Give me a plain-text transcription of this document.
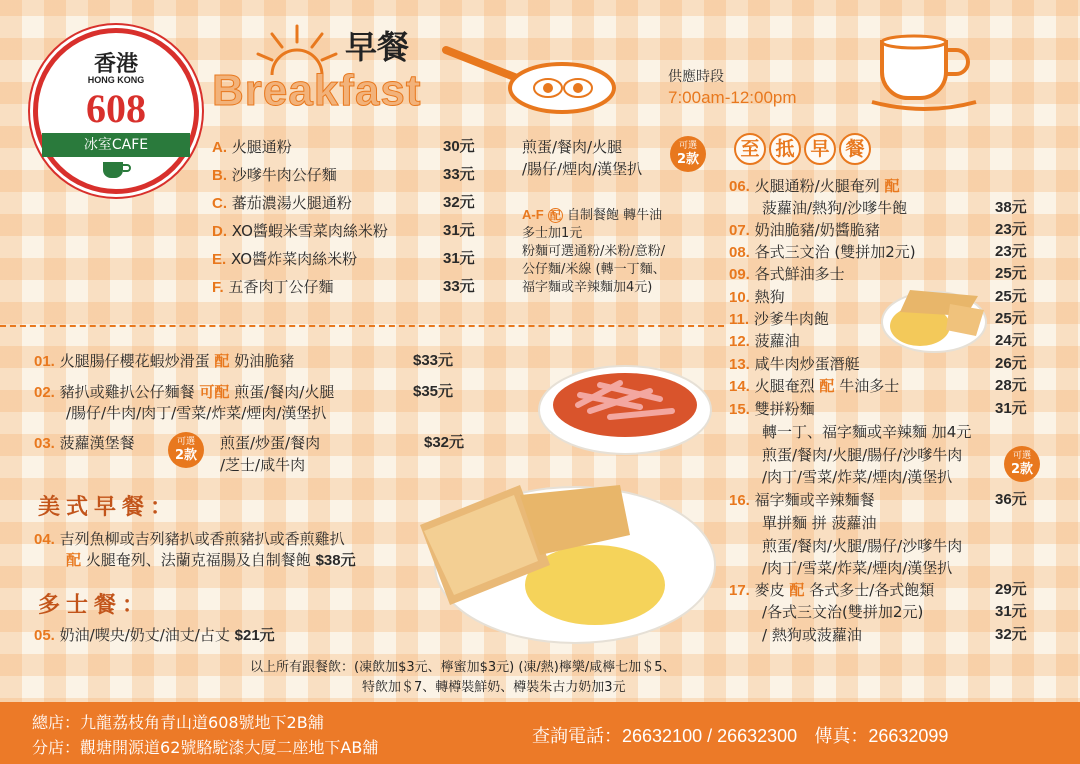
香港
HONG KONG
608
冰室CAFE
早餐
Breakfast	供應時段
7:00am-12:00pm
A. 火腿通粉	30元
B. 沙嗲牛肉公仔麵	33元
C. 蕃茄濃湯火腿通粉	32元
D. XO醬蝦米雪菜肉絲米粉	31元
E. XO醬炸菜肉絲米粉	31元
F. 五香肉丁公仔麵	33元
煎蛋/餐肉/火腿
/腸仔/煙肉/漢堡扒
可選
2款
A-F 配 自制餐飽 轉牛油
多士加1元
粉麵可選通粉/米粉/意粉/
公仔麵/米線 (轉一丁麵、
福字麵或辛辣麵加4元)
至 抵 早 餐
06. 火腿通粉/火腿奄列 配
菠蘿油/熱狗/沙嗲牛飽	38元
07. 奶油脆豬/奶醬脆豬	23元
08. 各式三文治 (雙拼加2元)	23元
09. 各式鮮油多士	25元
10. 熱狗	25元
11. 沙爹牛肉飽	25元
12. 菠蘿油	24元
13. 咸牛肉炒蛋潛艇	26元
14. 火腿奄烈 配 牛油多士	28元
15. 雙拼粉麵	31元
轉一丁、福字麵或辛辣麵 加4元
煎蛋/餐肉/火腿/腸仔/沙嗲牛肉
/肉丁/雪菜/炸菜/煙肉/漢堡扒
可選
2款
16. 福字麵或辛辣麵餐	36元
單拼麵 拼 菠蘿油
煎蛋/餐肉/火腿/腸仔/沙嗲牛肉
/肉丁/雪菜/炸菜/煙肉/漢堡扒
17. 麥皮 配 各式多士/各式飽類	29元
/各式三文治(雙拼加2元)	31元
/ 熱狗或菠蘿油	32元
01. 火腿腸仔櫻花蝦炒滑蛋 配 奶油脆豬	$33元
02. 豬扒或雞扒公仔麵餐 可配 煎蛋/餐肉/火腿
/腸仔/牛肉/肉丁/雪菜/炸菜/煙肉/漢堡扒
$35元
03. 菠蘿漢堡餐	可選
2款
煎蛋/炒蛋/餐肉
/芝士/咸牛肉
$32元
美式早餐：
04. 吉列魚柳或吉列豬扒或香煎豬扒或香煎雞扒
配 火腿奄列、法蘭克福腸及自制餐飽 $38元
多士餐：
05. 奶油/喫央/奶丈/油丈/占丈 $21元
以上所有跟餐飲：(凍飲加$3元、檸蜜加$3元) (凍/熱)檸樂/咸檸七加＄5、
特飲加＄7、轉樽裝鮮奶、樽裝朱古力奶加3元
總店：九龍荔枝角青山道608號地下2B舖
分店：觀塘開源道62號駱駝漆大厦二座地下AB舖
查詢電話：26632100 / 26632300 傳真：26632099
